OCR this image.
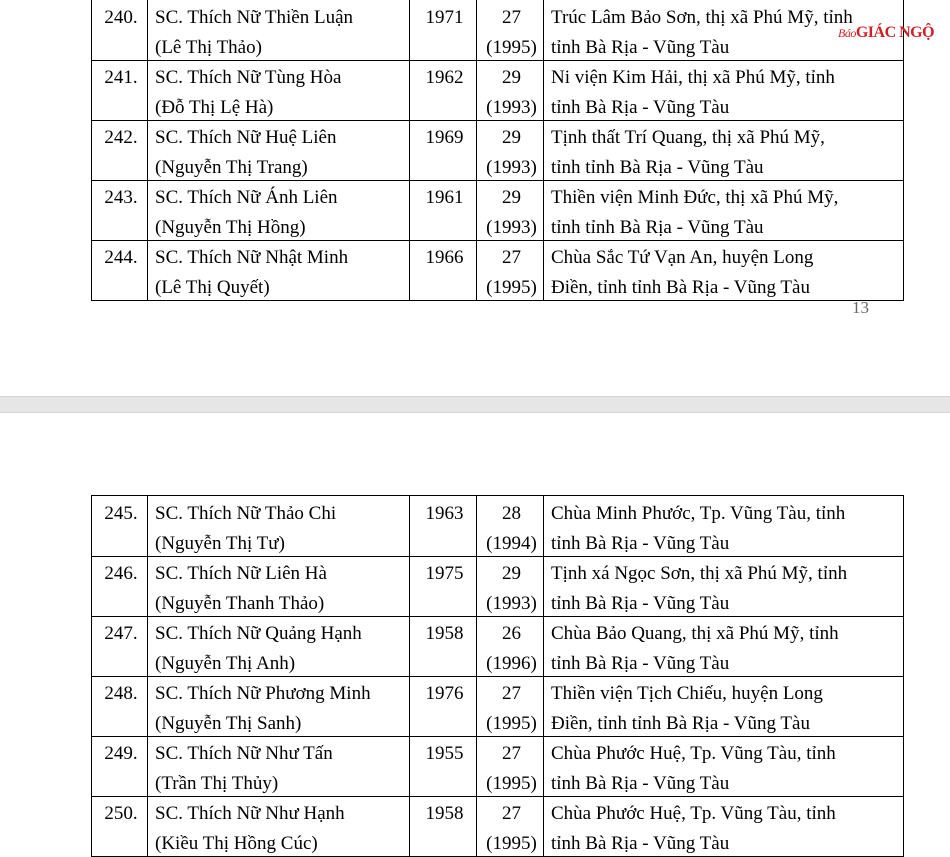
240.	SC. Thích Nữ Thiền Luận
(Lê Thị Thảo)	1971	27
(1995)	Trúc Lâm Bảo Sơn, thị xã Phú Mỹ, tỉnh
tỉnh Bà Rịa - Vũng Tàu

241.	SC. Thích Nữ Tùng Hòa
(Đỗ Thị Lệ Hà)	1962	29
(1993)	Ni viện Kim Hải, thị xã Phú Mỹ, tỉnh
tỉnh Bà Rịa - Vũng Tàu

242.	SC. Thích Nữ Huệ Liên
(Nguyễn Thị Trang)	1969	29
(1993)	Tịnh thất Trí Quang, thị xã Phú Mỹ,
tỉnh tỉnh Bà Rịa - Vũng Tàu

243.	SC. Thích Nữ Ánh Liên
(Nguyễn Thị Hồng)	1961	29
(1993)	Thiền viện Minh Đức, thị xã Phú Mỹ,
tỉnh tỉnh Bà Rịa - Vũng Tàu

244.	SC. Thích Nữ Nhật Minh
(Lê Thị Quyết)	1966	27
(1995)	Chùa Sắc Tứ Vạn An, huyện Long
Điền, tỉnh tỉnh Bà Rịa - Vũng Tàu
13
BáoGIÁC NGỘ
245.	SC. Thích Nữ Thảo Chi
(Nguyễn Thị Tư)	1963	28
(1994)	Chùa Minh Phước, Tp. Vũng Tàu, tỉnh
tỉnh Bà Rịa - Vũng Tàu

246.	SC. Thích Nữ Liên Hà
(Nguyễn Thanh Thảo)	1975	29
(1993)	Tịnh xá Ngọc Sơn, thị xã Phú Mỹ, tỉnh
tỉnh Bà Rịa - Vũng Tàu

247.	SC. Thích Nữ Quảng Hạnh
(Nguyễn Thị Anh)	1958	26
(1996)	Chùa Bảo Quang, thị xã Phú Mỹ, tỉnh
tỉnh Bà Rịa - Vũng Tàu

248.	SC. Thích Nữ Phương Minh
(Nguyễn Thị Sanh)	1976	27
(1995)	Thiền viện Tịch Chiếu, huyện Long
Điền, tỉnh tỉnh Bà Rịa - Vũng Tàu

249.	SC. Thích Nữ Như Tấn
(Trần Thị Thủy)	1955	27
(1995)	Chùa Phước Huệ, Tp. Vũng Tàu, tỉnh
tỉnh Bà Rịa - Vũng Tàu

250.	SC. Thích Nữ Như Hạnh
(Kiều Thị Hồng Cúc)	1958	27
(1995)	Chùa Phước Huệ, Tp. Vũng Tàu, tỉnh
tỉnh Bà Rịa - Vũng Tàu
